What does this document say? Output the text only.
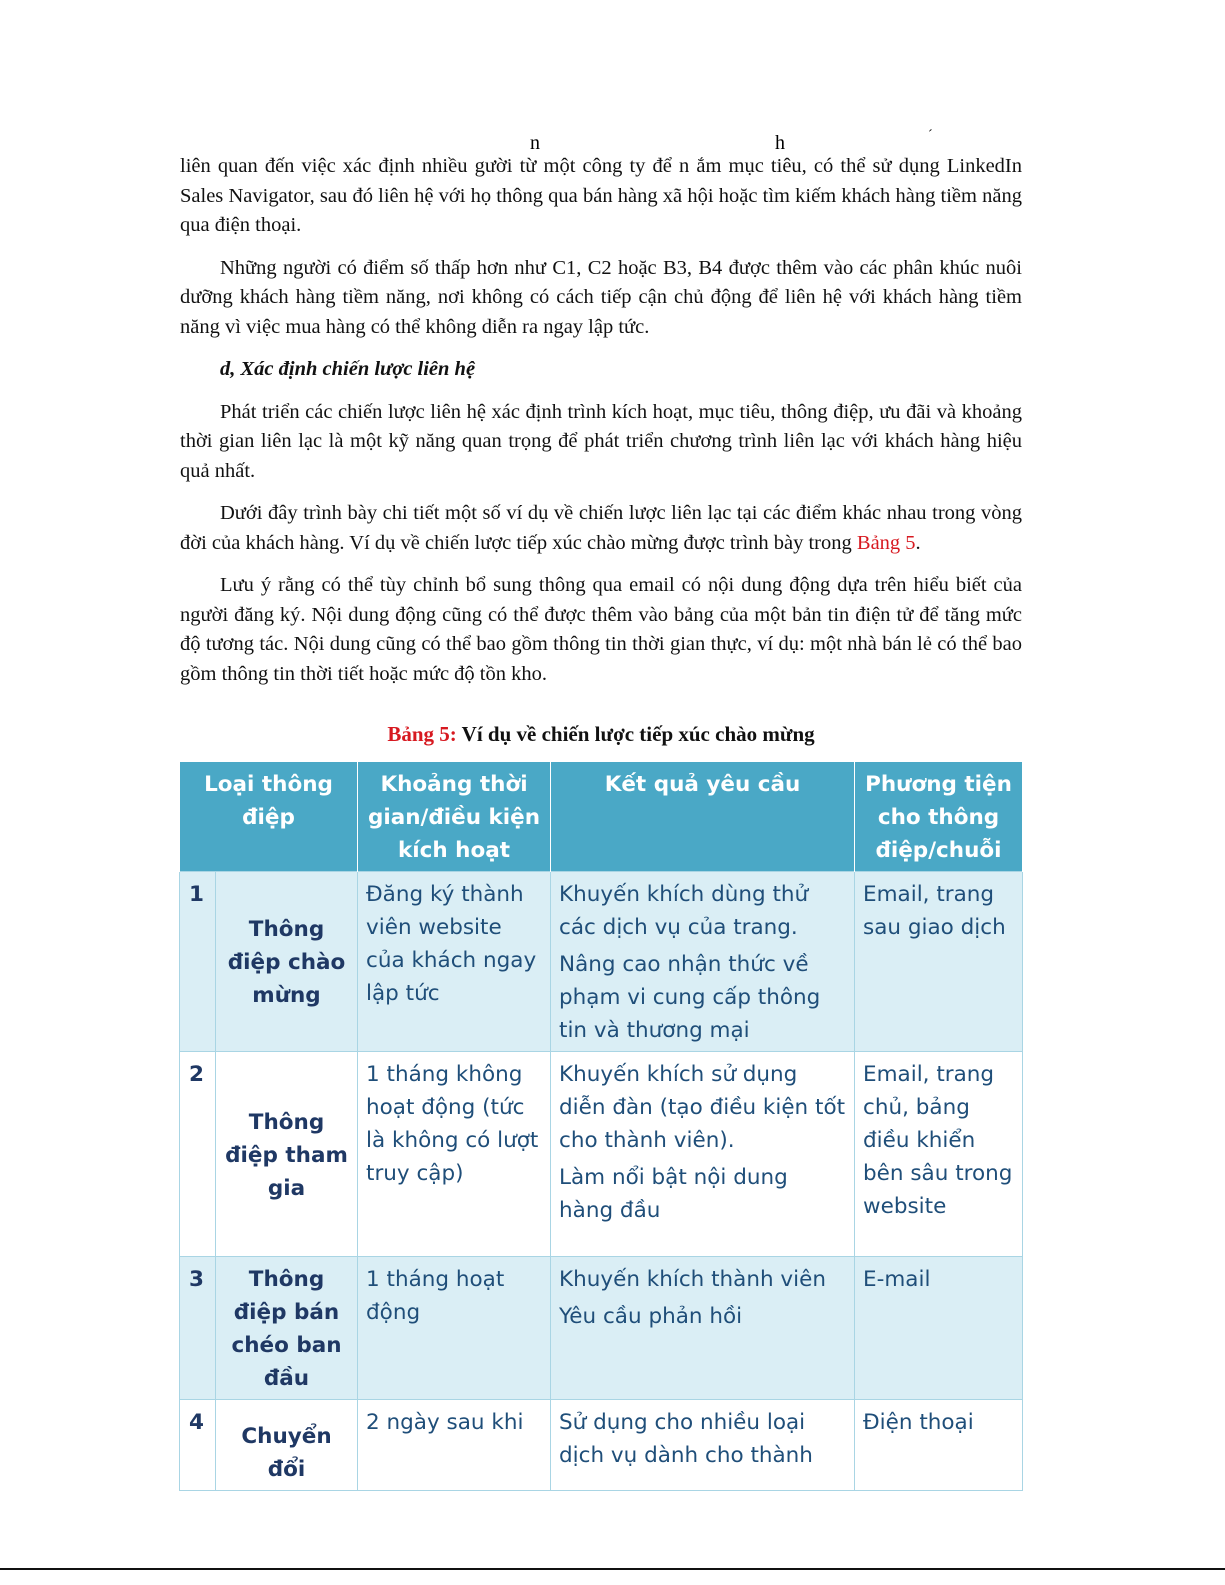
n	h	´

liên quan đến việc xác định nhiều gười từ một công ty để n ắm mục tiêu, có thể sử dụng LinkedIn Sales Navigator, sau đó liên hệ với họ thông qua bán hàng xã hội hoặc tìm kiếm khách hàng tiềm năng qua điện thoại.

Những người có điểm số thấp hơn như C1, C2 hoặc B3, B4 được thêm vào các phân khúc nuôi dưỡng khách hàng tiềm năng, nơi không có cách tiếp cận chủ động để liên hệ với khách hàng tiềm năng vì việc mua hàng có thể không diễn ra ngay lập tức.

d, Xác định chiến lược liên hệ

Phát triển các chiến lược liên hệ xác định trình kích hoạt, mục tiêu, thông điệp, ưu đãi và khoảng thời gian liên lạc là một kỹ năng quan trọng để phát triển chương trình liên lạc với khách hàng hiệu quả nhất.

Dưới đây trình bày chi tiết một số ví dụ về chiến lược liên lạc tại các điểm khác nhau trong vòng đời của khách hàng. Ví dụ về chiến lược tiếp xúc chào mừng được trình bày trong Bảng 5.

Lưu ý rằng có thể tùy chỉnh bổ sung thông qua email có nội dung động dựa trên hiểu biết của người đăng ký. Nội dung động cũng có thể được thêm vào bảng của một bản tin điện tử để tăng mức độ tương tác. Nội dung cũng có thể bao gồm thông tin thời gian thực, ví dụ: một nhà bán lẻ có thể bao gồm thông tin thời tiết hoặc mức độ tồn kho.

Bảng 5: Ví dụ về chiến lược tiếp xúc chào mừng
Loại thông điệp		Khoảng thời gian/điều kiện kích hoạt	Kết quả yêu cầu	Phương tiện cho thông điệp/chuỗi
1	Thông điệp chào mừng	Đăng ký thành viên website của khách ngay lập tức	Khuyến khích dùng thử các dịch vụ của trang.

Nâng cao nhận thức về phạm vi cung cấp thông tin và thương mại	Email, trang sau giao dịch
2	Thông điệp tham gia	1 tháng không hoạt động (tức là không có lượt truy cập)	Khuyến khích sử dụng diễn đàn (tạo điều kiện tốt cho thành viên).

Làm nổi bật nội dung hàng đầu	Email, trang chủ, bảng điều khiển bên sâu trong website
3	Thông điệp bán chéo ban đầu	1 tháng hoạt động	Khuyến khích thành viên

Yêu cầu phản hồi	E-mail
4	Chuyển đổi	2 ngày sau khi	Sử dụng cho nhiều loại dịch vụ dành cho thành	Điện thoại
